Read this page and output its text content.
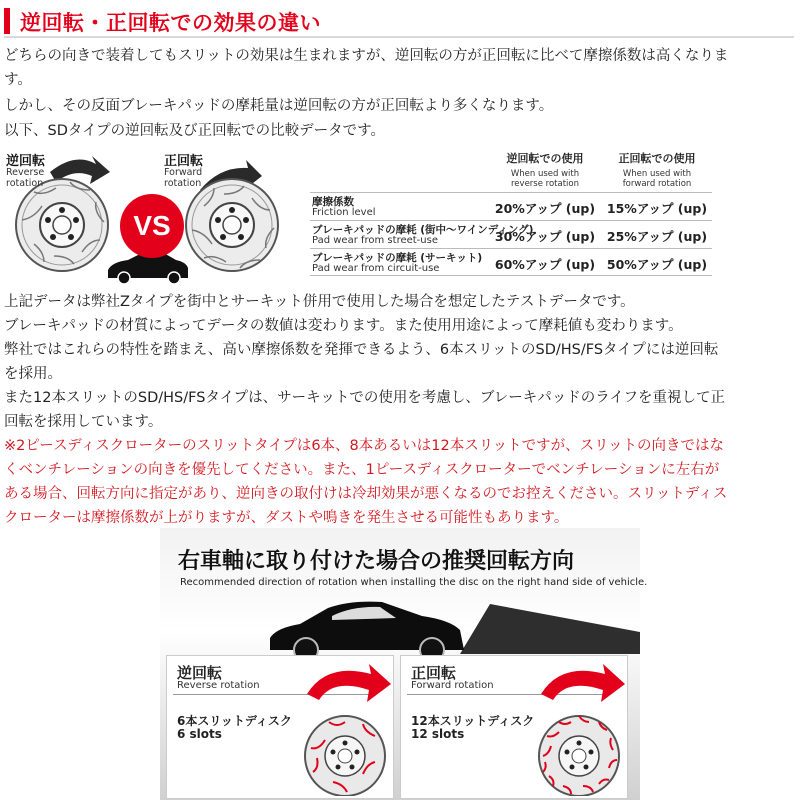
逆回転・正回転での効果の違い
どちらの向きで装着してもスリットの効果は生まれますが、逆回転の方が正回転に比べて摩擦係数は高くなりま
す。
しかし、その反面ブレーキパッドの摩耗量は逆回転の方が正回転より多くなります。
以下、SDタイプの逆回転及び正回転での比較データです。
逆回転
Reverse
rotation
正回転
Forward
rotation
VS
逆回転での使用
When used with
reverse rotation
正回転での使用
When used with
forward rotation
摩擦係数
Friction level	20%アップ (up) 15%アップ (up)
ブレーキパッドの摩耗 (街中〜ワインディング)
Pad wear from street-use	30%アップ (up) 25%アップ (up)
ブレーキパッドの摩耗 (サーキット)
Pad wear from circuit-use	60%アップ (up) 50%アップ (up)
上記データは弊社Zタイプを街中とサーキット併用で使用した場合を想定したテストデータです。
ブレーキパッドの材質によってデータの数値は変わります。また使用用途によって摩耗値も変わります。
弊社ではこれらの特性を踏まえ、高い摩擦係数を発揮できるよう、6本スリットのSD/HS/FSタイプには逆回転
を採用。
また12本スリットのSD/HS/FSタイプは、サーキットでの使用を考慮し、ブレーキパッドのライフを重視して正
回転を採用しています。
※2ピースディスクローターのスリットタイプは6本、8本あるいは12本スリットですが、スリットの向きではな
くベンチレーションの向きを優先してください。また、1ピースディスクローターでベンチレーションに左右が
ある場合、回転方向に指定があり、逆向きの取付けは冷却効果が悪くなるのでお控えください。スリットディス
クローターは摩擦係数が上がりますが、ダストや鳴きを発生させる可能性もあります。
右車軸に取り付けた場合の推奨回転方向
Recommended direction of rotation when installing the disc on the right hand side of vehicle.
逆回転
Reverse rotation
6本スリットディスク
6 slots
正回転
Forward rotation
12本スリットディスク
12 slots
